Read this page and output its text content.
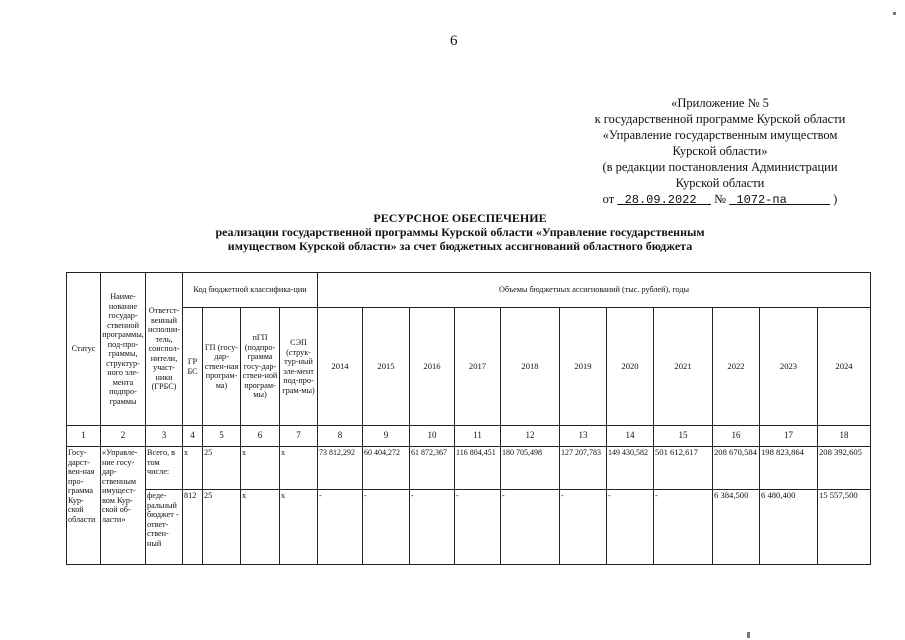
6
«Приложение № 5
к государственной программе Курской области
«Управление государственным имуществом
Курской области»
(в редакции постановления Администрации
Курской области
от 28.09.2022 № 1072-па	)
РЕСУРСНОЕ ОБЕСПЕЧЕНИЕ
реализации государственной программы Курской области «Управление государственным
имуществом Курской области» за счет бюджетных ассигнований областного бюджета
Статус	Наиме-нование государ-ственной программы, под-про-граммы, структур-ного эле-мента подпро-граммы	Ответст-венный исполни-тель, соиспол-нители, участ-ники (ГРБС)	Код бюджетной классифика-ции				Объемы бюджетных ассигнований (тыс. рублей), годы										
			ГР БС	ГП (госу-дар-ствен-ная програм-ма)	пГП (подпро-грамма госу-дар-ствен-ной програм-мы)	СЭП (струк-тур-ный эле-мент под-про-грам-мы)	2014	2015	2016	2017	2018	2019	2020	2021	2022	2023	2024
1	2	3	4	5	6	7	8	9	10	11	12	13	14	15	16	17	18
Госу-дарст-вен-ная про-грамма Кур-ской области	«Управле-ние госу-дар-ственным имущест-вом Кур-ской об-ласти»	Всего, в том числе:	x	25	x	x	73 812,292	60 404,272	61 872,367	116 804,451	180 705,498	127 207,783	149 430,582	501 612,617	208 670,584	198 823,864	208 392,605
		феде-ральный бюджет - ответ-ствен-ный	812	25	x	x	-	-	-	-	-	-	-	-	6 384,500	6 480,400	15 557,500
